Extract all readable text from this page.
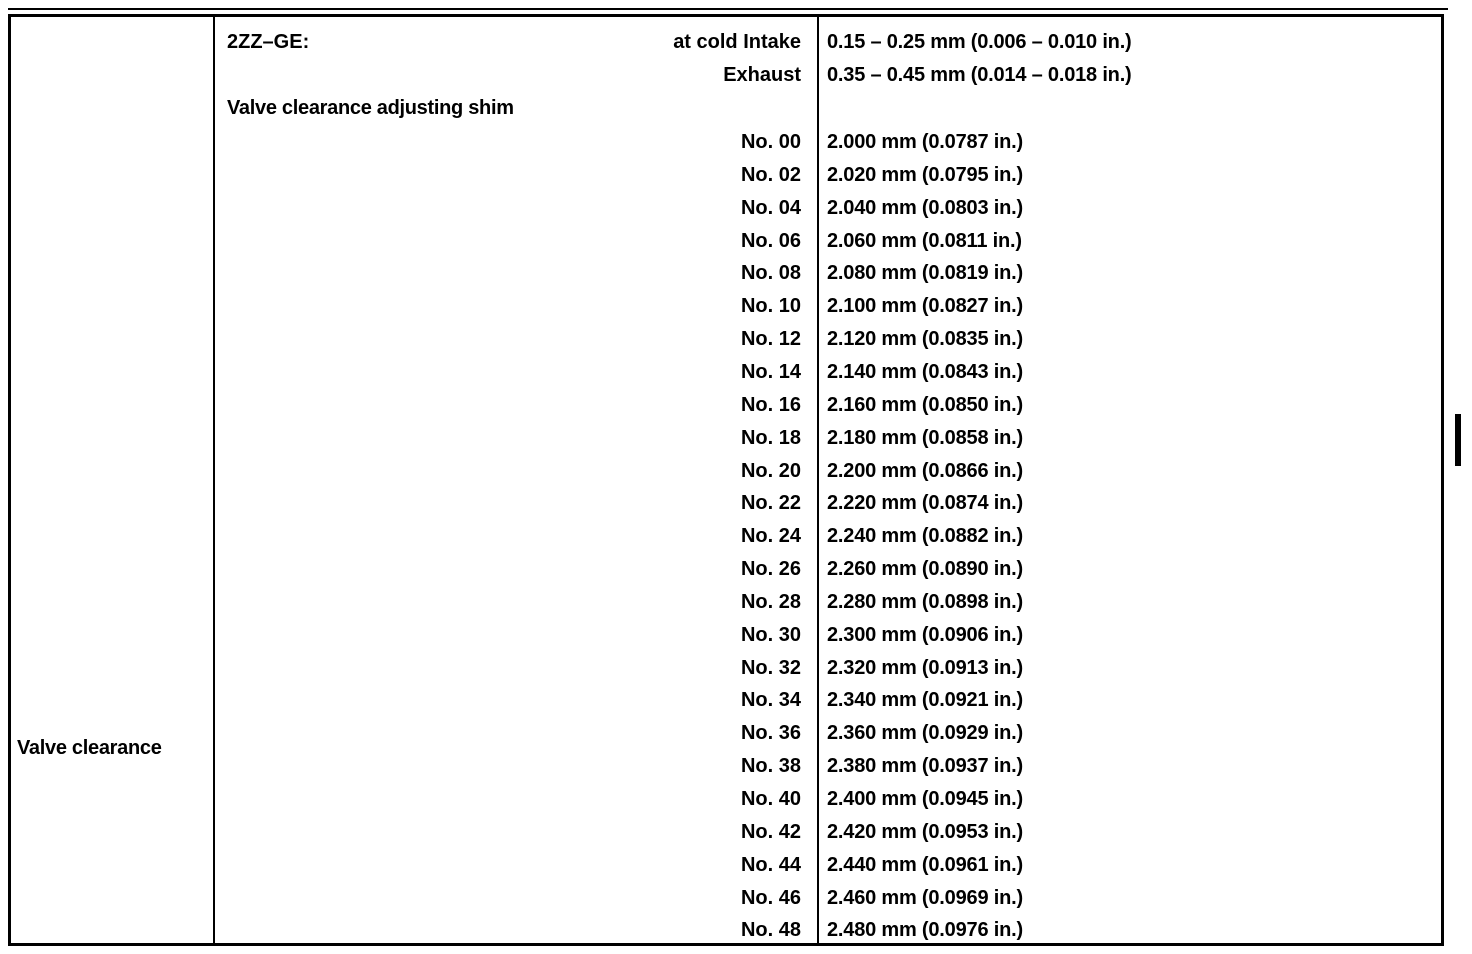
Valve clearance
2ZZ–GE:
Valve clearance adjusting shim
at cold Intake 0.15 – 0.25 mm (0.006 – 0.010 in.)
Exhaust 0.35 – 0.45 mm (0.014 – 0.018 in.)
No. 00 2.000 mm (0.0787 in.)
No. 02 2.020 mm (0.0795 in.)
No. 04 2.040 mm (0.0803 in.)
No. 06 2.060 mm (0.0811 in.)
No. 08 2.080 mm (0.0819 in.)
No. 10 2.100 mm (0.0827 in.)
No. 12 2.120 mm (0.0835 in.)
No. 14 2.140 mm (0.0843 in.)
No. 16 2.160 mm (0.0850 in.)
No. 18 2.180 mm (0.0858 in.)
No. 20 2.200 mm (0.0866 in.)
No. 22 2.220 mm (0.0874 in.)
No. 24 2.240 mm (0.0882 in.)
No. 26 2.260 mm (0.0890 in.)
No. 28 2.280 mm (0.0898 in.)
No. 30 2.300 mm (0.0906 in.)
No. 32 2.320 mm (0.0913 in.)
No. 34 2.340 mm (0.0921 in.)
No. 36 2.360 mm (0.0929 in.)
No. 38 2.380 mm (0.0937 in.)
No. 40 2.400 mm (0.0945 in.)
No. 42 2.420 mm (0.0953 in.)
No. 44 2.440 mm (0.0961 in.)
No. 46 2.460 mm (0.0969 in.)
No. 48 2.480 mm (0.0976 in.)
